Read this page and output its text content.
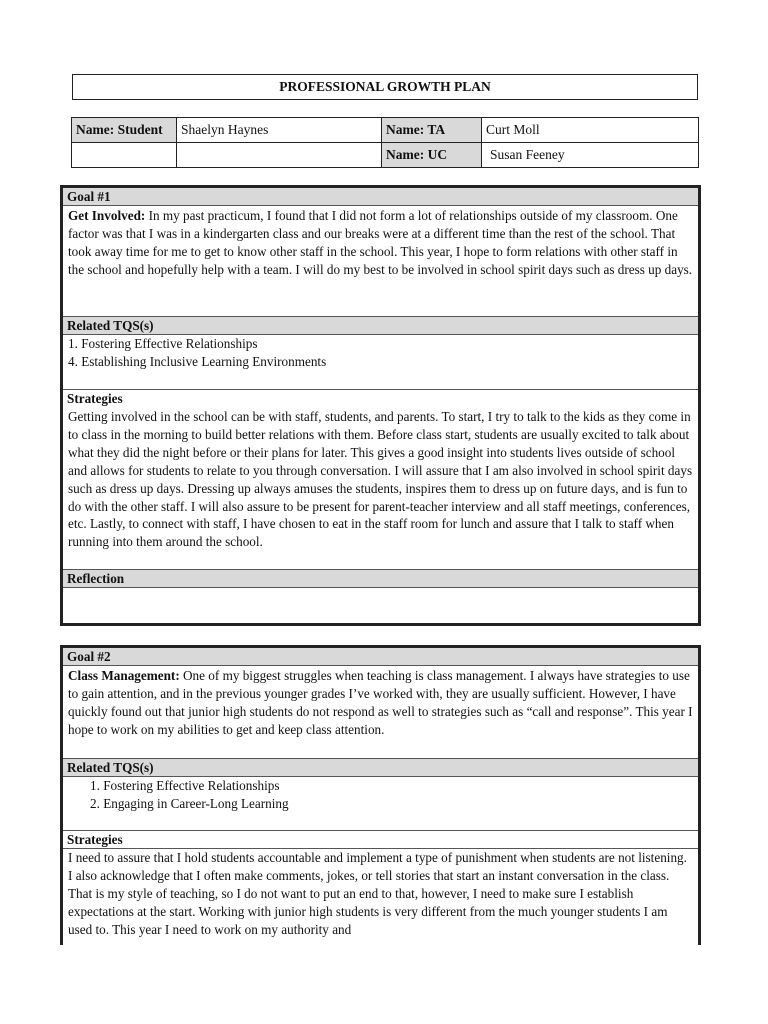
PROFESSIONAL GROWTH PLAN
Name: Student	Shaelyn Haynes	Name: TA	Curt Moll
		Name: UC	Susan Feeney
Goal #1
Get Involved: In my past practicum, I found that I did not form a lot of relationships outside of my classroom. One factor was that I was in a kindergarten class and our breaks were at a different time than the rest of the school. That took away time for me to get to know other staff in the school. This year, I hope to form relations with other staff in the school and hopefully help with a team. I will do my best to be involved in school spirit days such as dress up days.
Related TQS(s)
1. Fostering Effective Relationships
4. Establishing Inclusive Learning Environments
Strategies
Getting involved in the school can be with staff, students, and parents. To start, I try to talk to the kids as they come in to class in the morning to build better relations with them. Before class start, students are usually excited to talk about what they did the night before or their plans for later. This gives a good insight into students lives outside of school and allows for students to relate to you through conversation. I will assure that I am also involved in school spirit days such as dress up days. Dressing up always amuses the students, inspires them to dress up on future days, and is fun to do with the other staff. I will also assure to be present for parent-teacher interview and all staff meetings, conferences, etc. Lastly, to connect with staff, I have chosen to eat in the staff room for lunch and assure that I talk to staff when running into them around the school.
Reflection
Goal #2
Class Management: One of my biggest struggles when teaching is class management. I always have strategies to use to gain attention, and in the previous younger grades I’ve worked with, they are usually sufficient. However, I have quickly found out that junior high students do not respond as well to strategies such as “call and response”. This year I hope to work on my abilities to get and keep class attention.
Related TQS(s)
1. Fostering Effective Relationships
2. Engaging in Career-Long Learning
Strategies
I need to assure that I hold students accountable and implement a type of punishment when students are not listening. I also acknowledge that I often make comments, jokes, or tell stories that start an instant conversation in the class. That is my style of teaching, so I do not want to put an end to that, however, I need to make sure I establish expectations at the start. Working with junior high students is very different from the much younger students I am used to. This year I need to work on my authority and
